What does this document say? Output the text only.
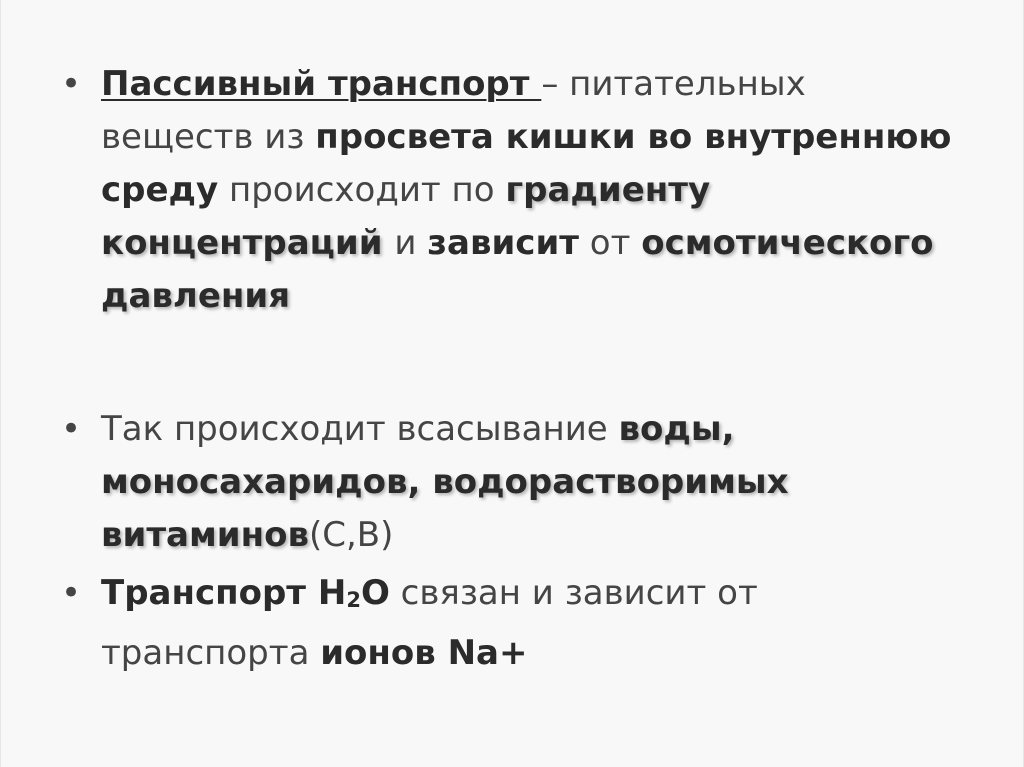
• Пассивный транспорт – питательных веществ из просвета кишки во внутреннюю среду происходит по градиенту концентраций и зависит от осмотического давления
• Так происходит всасывание воды, моносахаридов, водорастворимых витаминов(С,В)
• Транспорт H2O связан и зависит от транспорта ионов Na+
